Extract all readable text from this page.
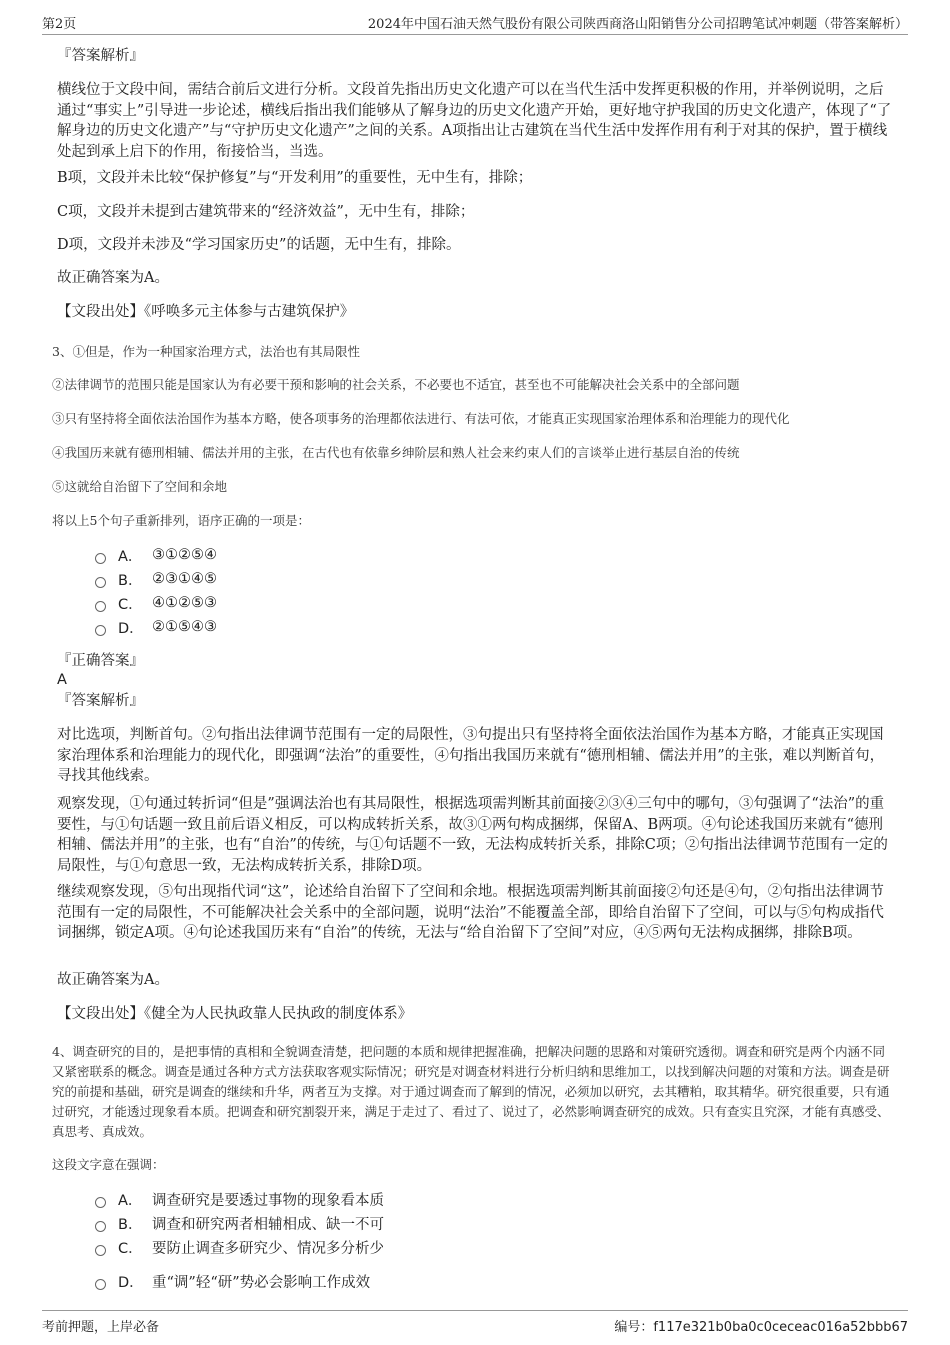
第2页	2024年中国石油天然气股份有限公司陕西商洛山阳销售分公司招聘笔试冲刺题（带答案解析）
『答案解析』

横线位于文段中间，需结合前后文进行分析。文段首先指出历史文化遗产可以在当代生活中发挥更积极的作用，并举例说明，之后通过“事实上”引导进一步论述，横线后指出我们能够从了解身边的历史文化遗产开始，更好地守护我国的历史文化遗产，体现了“了解身边的历史文化遗产”与“守护历史文化遗产”之间的关系。A项指出让古建筑在当代生活中发挥作用有利于对其的保护，置于横线处起到承上启下的作用，衔接恰当，当选。

B项，文段并未比较“保护修复”与“开发利用”的重要性，无中生有，排除；

C项，文段并未提到古建筑带来的“经济效益”，无中生有，排除；

D项，文段并未涉及“学习国家历史”的话题，无中生有，排除。

故正确答案为A。

【文段出处】《呼唤多元主体参与古建筑保护》

3、①但是，作为一种国家治理方式，法治也有其局限性
②法律调节的范围只能是国家认为有必要干预和影响的社会关系，不必要也不适宜，甚至也不可能解决社会关系中的全部问题
③只有坚持将全面依法治国作为基本方略，使各项事务的治理都依法进行、有法可依，才能真正实现国家治理体系和治理能力的现代化
④我国历来就有德刑相辅、儒法并用的主张，在古代也有依靠乡绅阶层和熟人社会来约束人们的言谈举止进行基层自治的传统
⑤这就给自治留下了空间和余地
将以上5个句子重新排列，语序正确的一项是：
A． ③①②⑤④
B． ②③①④⑤
C． ④①②⑤③
D． ②①⑤④③
『正确答案』
A
『答案解析』

对比选项，判断首句。②句指出法律调节范围有一定的局限性，③句提出只有坚持将全面依法治国作为基本方略，才能真正实现国家治理体系和治理能力的现代化，即强调“法治”的重要性，④句指出我国历来就有“德刑相辅、儒法并用”的主张，难以判断首句，寻找其他线索。

观察发现，①句通过转折词“但是”强调法治也有其局限性，根据选项需判断其前面接②③④三句中的哪句，③句强调了“法治”的重要性，与①句话题一致且前后语义相反，可以构成转折关系，故③①两句构成捆绑，保留A、B两项。④句论述我国历来就有“德刑相辅、儒法并用”的主张，也有“自治”的传统，与①句话题不一致，无法构成转折关系，排除C项；②句指出法律调节范围有一定的局限性，与①句意思一致，无法构成转折关系，排除D项。

继续观察发现，⑤句出现指代词“这”，论述给自治留下了空间和余地。根据选项需判断其前面接②句还是④句，②句指出法律调节范围有一定的局限性，不可能解决社会关系中的全部问题，说明“法治”不能覆盖全部，即给自治留下了空间，可以与⑤句构成指代词捆绑，锁定A项。④句论述我国历来有“自治”的传统，无法与“给自治留下了空间”对应，④⑤两句无法构成捆绑，排除B项。

故正确答案为A。

【文段出处】《健全为人民执政靠人民执政的制度体系》

4、调查研究的目的，是把事情的真相和全貌调查清楚，把问题的本质和规律把握准确，把解决问题的思路和对策研究透彻。调查和研究是两个内涵不同又紧密联系的概念。调查是通过各种方式方法获取客观实际情况；研究是对调查材料进行分析归纳和思维加工，以找到解决问题的对策和方法。调查是研究的前提和基础，研究是调查的继续和升华，两者互为支撑。对于通过调查而了解到的情况，必须加以研究，去其糟粕，取其精华。研究很重要，只有通过研究，才能透过现象看本质。把调查和研究割裂开来，满足于走过了、看过了、说过了，必然影响调查研究的成效。只有查实且究深，才能有真感受、真思考、真成效。

这段文字意在强调：
A． 调查研究是要透过事物的现象看本质
B． 调查和研究两者相辅相成、缺一不可
C． 要防止调查多研究少、情况多分析少
D． 重“调”轻“研”势必会影响工作成效
考前押题，上岸必备	编号：f117e321b0ba0c0ceceac016a52bbb67
